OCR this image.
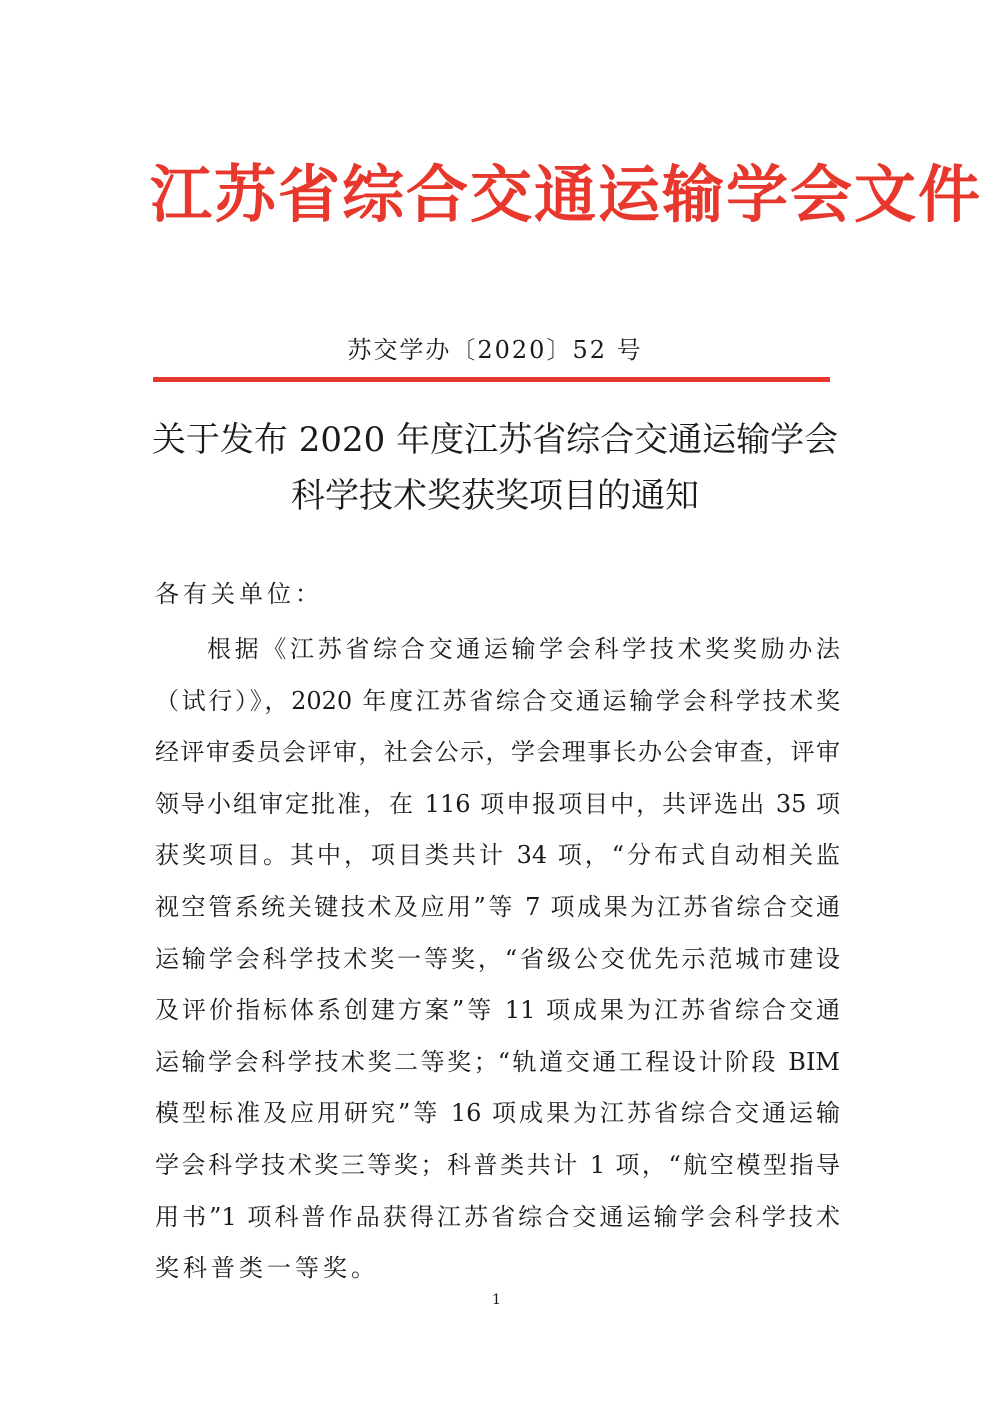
江苏省综合交通运输学会文件
苏交学办〔2020〕52 号
关于发布 2020 年度江苏省综合交通运输学会
科学技术奖获奖项目的通知
各有关单位：
根据《江苏省综合交通运输学会科学技术奖奖励办法
（试行）》，2020 年度江苏省综合交通运输学会科学技术奖
经评审委员会评审，社会公示，学会理事长办公会审查，评审
领导小组审定批准，在 116 项申报项目中，共评选出 35 项
获奖项目。其中，项目类共计 34 项，“分布式自动相关监
视空管系统关键技术及应用”等 7 项成果为江苏省综合交通
运输学会科学技术奖一等奖，“省级公交优先示范城市建设
及评价指标体系创建方案”等 11 项成果为江苏省综合交通
运输学会科学技术奖二等奖；“轨道交通工程设计阶段 BIM
模型标准及应用研究”等 16 项成果为江苏省综合交通运输
学会科学技术奖三等奖；科普类共计 1 项，“航空模型指导
用书”1 项科普作品获得江苏省综合交通运输学会科学技术
奖科普类一等奖。
1
